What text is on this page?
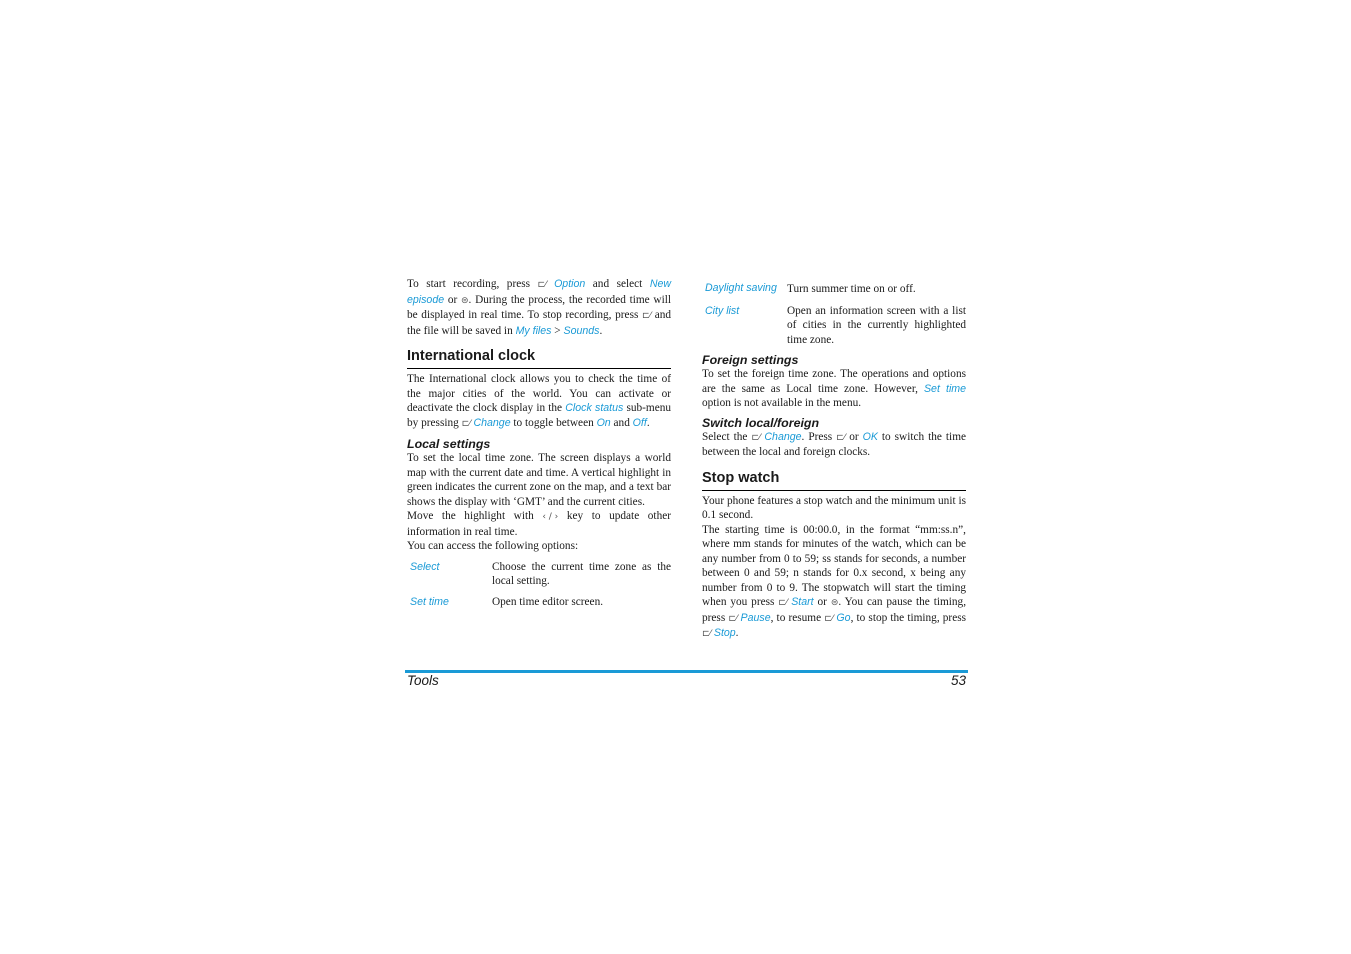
To start recording, press ⊏⁄ Option and select New episode or ⊜. During the process, the recorded time will be displayed in real time. To stop recording, press ⊏⁄ and the file will be saved in My files > Sounds.

International clock

The International clock allows you to check the time of the major cities of the world. You can activate or deactivate the clock display in the Clock status sub-menu by pressing ⊏⁄ Change to toggle between On and Off.

Local settings

To set the local time zone. The screen displays a world map with the current date and time. A vertical highlight in green indicates the current zone on the map, and a text bar shows the display with ‘GMT’ and the current cities.

Move the highlight with ‹ / › key to update other information in real time.

You can access the following options:

Select	Choose the current time zone as the local setting.
Set time	Open time editor screen.
Daylight saving	Turn summer time on or off.
City list	Open an information screen with a list of cities in the currently highlighted time zone.
Foreign settings

To set the foreign time zone. The operations and options are the same as Local time zone. However, Set time option is not available in the menu.

Switch local/foreign

Select the ⊏⁄ Change. Press ⊏⁄ or OK to switch the time between the local and foreign clocks.

Stop watch

Your phone features a stop watch and the minimum unit is 0.1 second.

The starting time is 00:00.0, in the format “mm:ss.n”, where mm stands for minutes of the watch, which can be any number from 0 to 59; ss stands for seconds, a number between 0 and 59; n stands for 0.x second, x being any number from 0 to 9. The stopwatch will start the timing when you press ⊏⁄ Start or ⊜. You can pause the timing, press ⊏⁄ Pause, to resume ⊏⁄ Go, to stop the timing, press ⊏⁄ Stop.

Tools	53
